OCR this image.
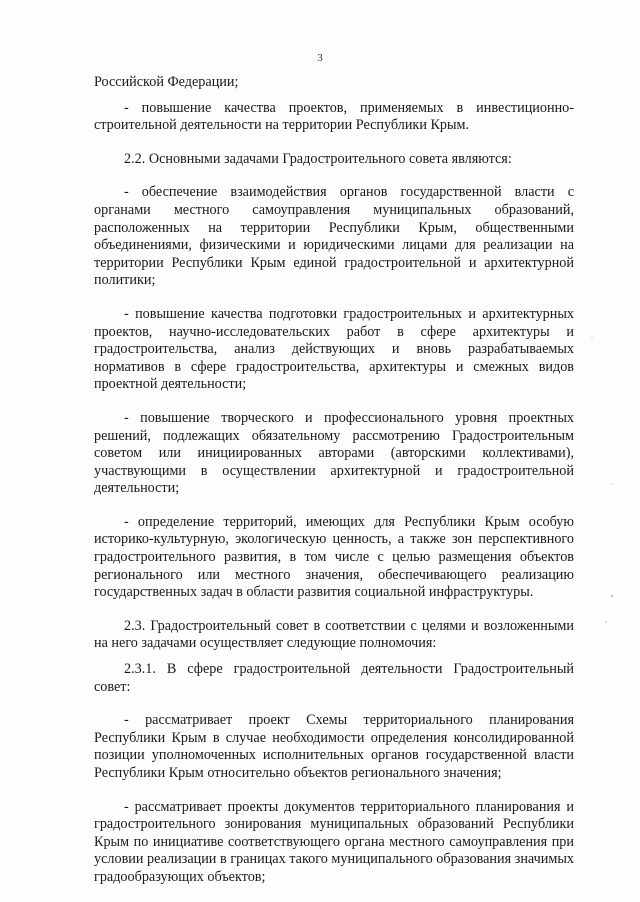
3

Российской Федерации;

- повышение качества проектов, применяемых в инвестиционно-строительной деятельности на территории Республики Крым.

2.2. Основными задачами Градостроительного совета являются:

- обеспечение взаимодействия органов государственной власти с органами местного самоуправления муниципальных образований, расположенных на территории Республики Крым, общественными объединениями, физическими и юридическими лицами для реализации на территории Республики Крым единой градостроительной и архитектурной политики;

- повышение качества подготовки градостроительных и архитектурных проектов, научно-исследовательских работ в сфере архитектуры и градостроительства, анализ действующих и вновь разрабатываемых нормативов в сфере градостроительства, архитектуры и смежных видов проектной деятельности;

- повышение творческого и профессионального уровня проектных решений, подлежащих обязательному рассмотрению Градостроительным советом или инициированных авторами (авторскими коллективами), участвующими в осуществлении архитектурной и градостроительной деятельности;

- определение территорий, имеющих для Республики Крым особую историко-культурную, экологическую ценность, а также зон перспективного градостроительного развития, в том числе с целью размещения объектов регионального или местного значения, обеспечивающего реализацию государственных задач в области развития социальной инфраструктуры.

2.3. Градостроительный совет в соответствии с целями и возложенными на него задачами осуществляет следующие полномочия:

2.3.1. В сфере градостроительной деятельности Градостроительный совет:

- рассматривает проект Схемы территориального планирования Республики Крым в случае необходимости определения консолидированной позиции уполномоченных исполнительных органов государственной власти Республики Крым относительно объектов регионального значения;

- рассматривает проекты документов территориального планирования и градостроительного зонирования муниципальных образований Республики Крым по инициативе соответствующего органа местного самоуправления при условии реализации в границах такого муниципального образования значимых градообразующих объектов;
